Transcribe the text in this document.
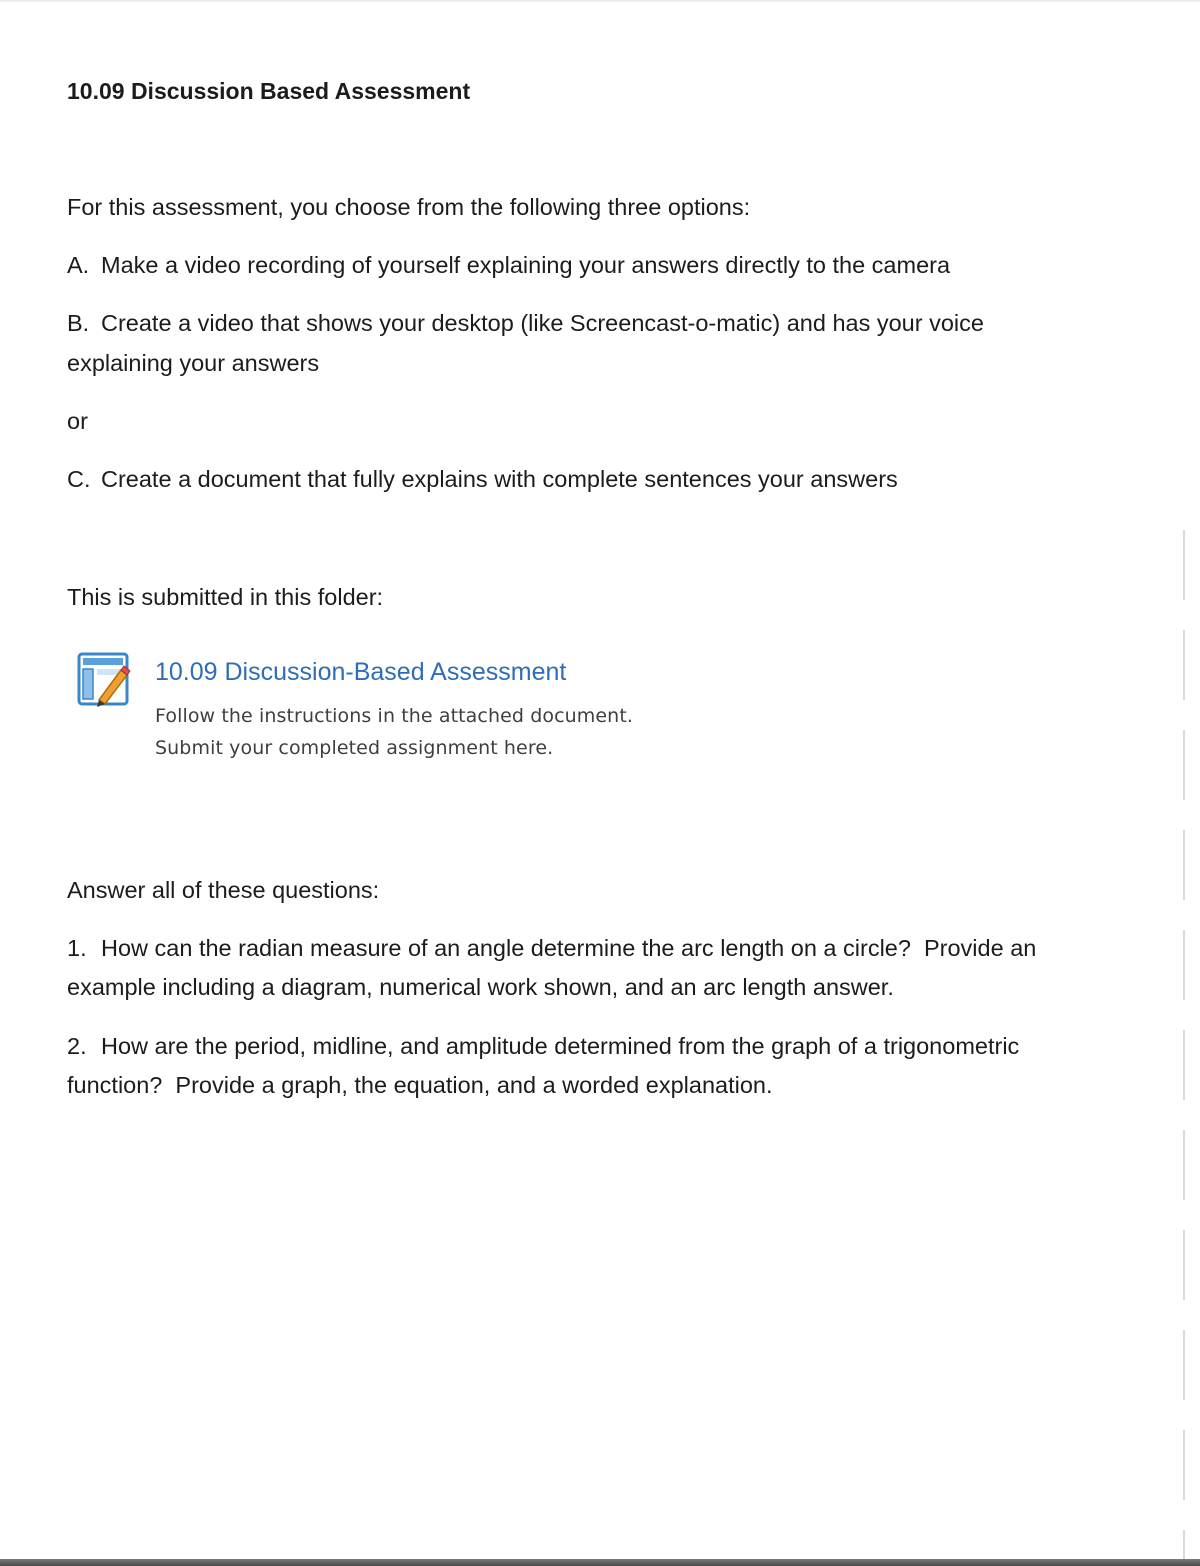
10.09 Discussion Based Assessment

For this assessment, you choose from the following three options:

A. Make a video recording of yourself explaining your answers directly to the camera

B. Create a video that shows your desktop (like Screencast-o-matic) and has your voice

explaining your answers

or

C. Create a document that fully explains with complete sentences your answers

This is submitted in this folder:

10.09 Discussion-Based Assessment
Follow the instructions in the attached document.
Submit your completed assignment here.

Answer all of these questions:

1. How can the radian measure of an angle determine the arc length on a circle?  Provide an

example including a diagram, numerical work shown, and an arc length answer.

2. How are the period, midline, and amplitude determined from the graph of a trigonometric

function?  Provide a graph, the equation, and a worded explanation.
